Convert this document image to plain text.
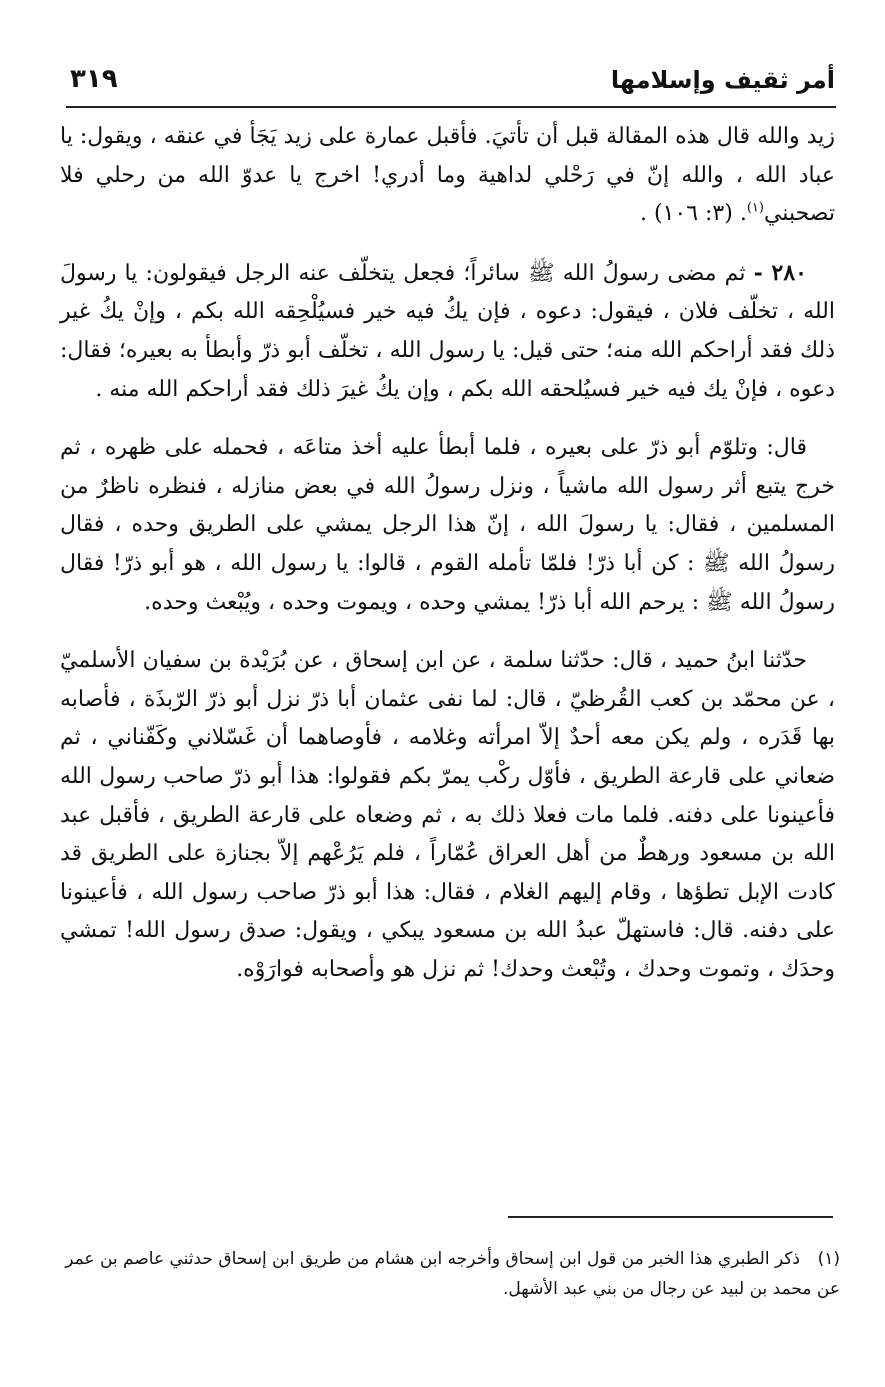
أمر ثقيف وإسلامها
٣١٩

زيد والله قال هذه المقالة قبل أن تأتيَ. فأقبل عمارة على زيد يَجَأ في عنقه ، ويقول: يا عباد الله ، والله إنّ في رَحْلي لداهية وما أدري! اخرج يا عدوّ الله من رحلي فلا تصحبني$^{(١)}$. (٣: ١٠٦) .

٢٨٠ - ثم مضى رسولُ الله ﷺ سائراً؛ فجعل يتخلّف عنه الرجل فيقولون: يا رسولَ الله ، تخلّف فلان ، فيقول: دعوه ، فإن يكُ فيه خير فسيُلْحِقه الله بكم ، وإنْ يكُ غير ذلك فقد أراحكم الله منه؛ حتى قيل: يا رسول الله ، تخلّف أبو ذرّ وأبطأ به بعيره؛ فقال: دعوه ، فإنْ يك فيه خير فسيُلحقه الله بكم ، وإن يكُ غيرَ ذلك فقد أراحكم الله منه .

قال: وتلوّم أبو ذرّ على بعيره ، فلما أبطأ عليه أخذ متاعَه ، فحمله على ظهره ، ثم خرج يتبع أثر رسول الله ماشياً ، ونزل رسولُ الله في بعض منازله ، فنظره ناظرٌ من المسلمين ، فقال: يا رسولَ الله ، إنّ هذا الرجل يمشي على الطريق وحده ، فقال رسولُ الله ﷺ : كن أبا ذرّ! فلمّا تأمله القوم ، قالوا: يا رسول الله ، هو أبو ذرّ! فقال رسولُ الله ﷺ : يرحم الله أبا ذرّ! يمشي وحده ، ويموت وحده ، ويُبْعث وحده.

حدّثنا ابنُ حميد ، قال: حدّثنا سلمة ، عن ابن إسحاق ، عن بُرَيْدة بن سفيان الأسلميّ ، عن محمّد بن كعب القُرظيّ ، قال: لما نفى عثمان أبا ذرّ نزل أبو ذرّ الرّبذَة ، فأصابه بها قَدَره ، ولم يكن معه أحدٌ إلاّ امرأته وغلامه ، فأوصاهما أن غَسّلاني وكَفّناني ، ثم ضعاني على قارعة الطريق ، فأوّل ركْب يمرّ بكم فقولوا: هذا أبو ذرّ صاحب رسول الله فأعينونا على دفنه. فلما مات فعلا ذلك به ، ثم وضعاه على قارعة الطريق ، فأقبل عبد الله بن مسعود ورهطٌ من أهل العراق عُمّاراً ، فلم يَرُعْهم إلاّ بجنازة على الطريق قد كادت الإبل تطؤها ، وقام إليهم الغلام ، فقال: هذا أبو ذرّ صاحب رسول الله ، فأعينونا على دفنه. قال: فاستهلّ عبدُ الله بن مسعود يبكي ، ويقول: صدق رسول الله! تمشي وحدَك ، وتموت وحدك ، وتُبْعث وحدك! ثم نزل هو وأصحابه فوارَوْه.

(١)ذكر الطبري هذا الخبر من قول ابن إسحاق وأخرجه ابن هشام من طريق ابن إسحاق حدثني عاصم بن عمر عن محمد بن لبيد عن رجال من بني عبد الأشهل.
